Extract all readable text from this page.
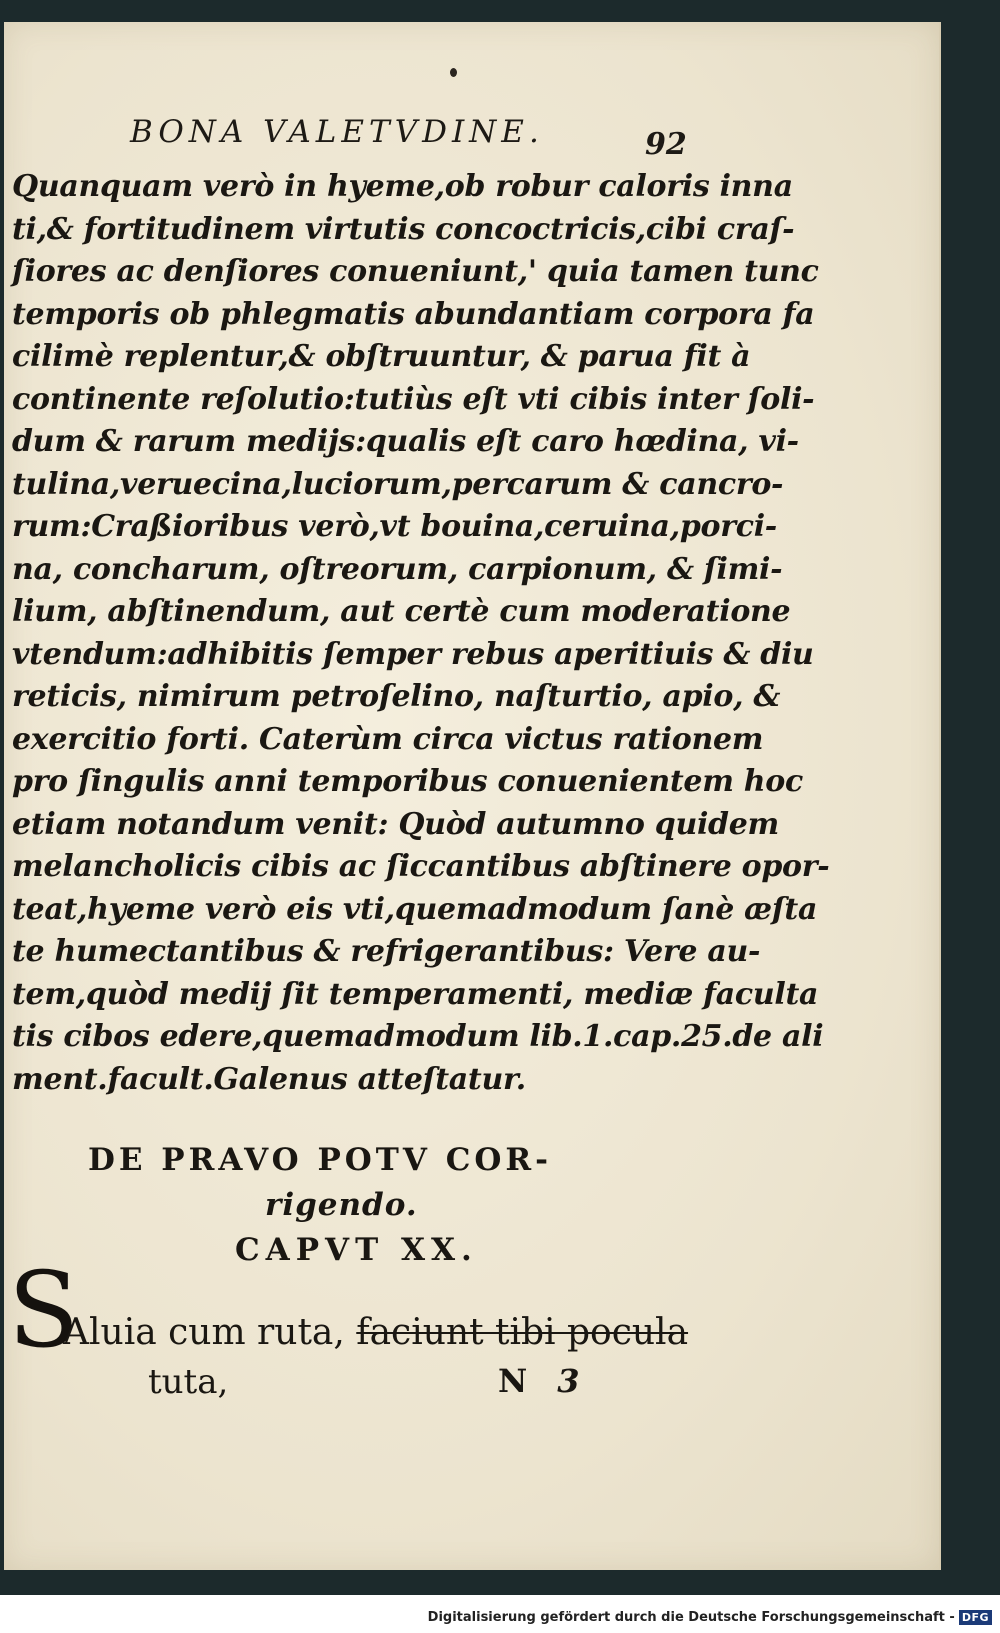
BONA VALETVDINE.	92
Quanquam verò in hyeme,ob robur caloris inna
ti,& fortitudinem virtutis concoctricis,cibi craſ-
ſiores ac denſiores conueniunt,' quia tamen tunc
temporis ob phlegmatis abundantiam corpora fa
cilimè replentur,& obſtruuntur, & parua fit à
continente reſolutio:tutiùs eſt vti cibis inter ſoli-
dum & rarum medijs:qualis eſt caro hœdina, vi-
tulina,veruecina,luciorum,percarum & cancro-
rum:Craßioribus verò,vt bouina,ceruina,porci-
na, concharum, oſtreorum, carpionum, & ſimi-
lium, abſtinendum, aut certè cum moderatione
vtendum:adhibitis ſemper rebus aperitiuis & diu
reticis, nimirum petroſelino, naſturtio, apio, &
exercitio forti. Caterùm circa victus rationem
pro ſingulis anni temporibus conuenientem hoc
etiam notandum venit: Quòd autumno quidem
melancholicis cibis ac ſiccantibus abſtinere opor-
teat,hyeme verò eis vti,quemadmodum ſanè æſta
te humectantibus & refrigerantibus: Vere au-
tem,quòd medij ſit temperamenti, mediæ faculta
tis cibos edere,quemadmodum lib.1.cap.25.de ali
ment.facult.Galenus atteſtatur.
DE PRAVO POTV COR-
rigendo.
CAPVT XX.
S
Aluia cum ruta, faciunt tibi pocula
tuta,	N 3
Digitalisierung gefördert durch die Deutsche Forschungsgemeinschaft - DFG
